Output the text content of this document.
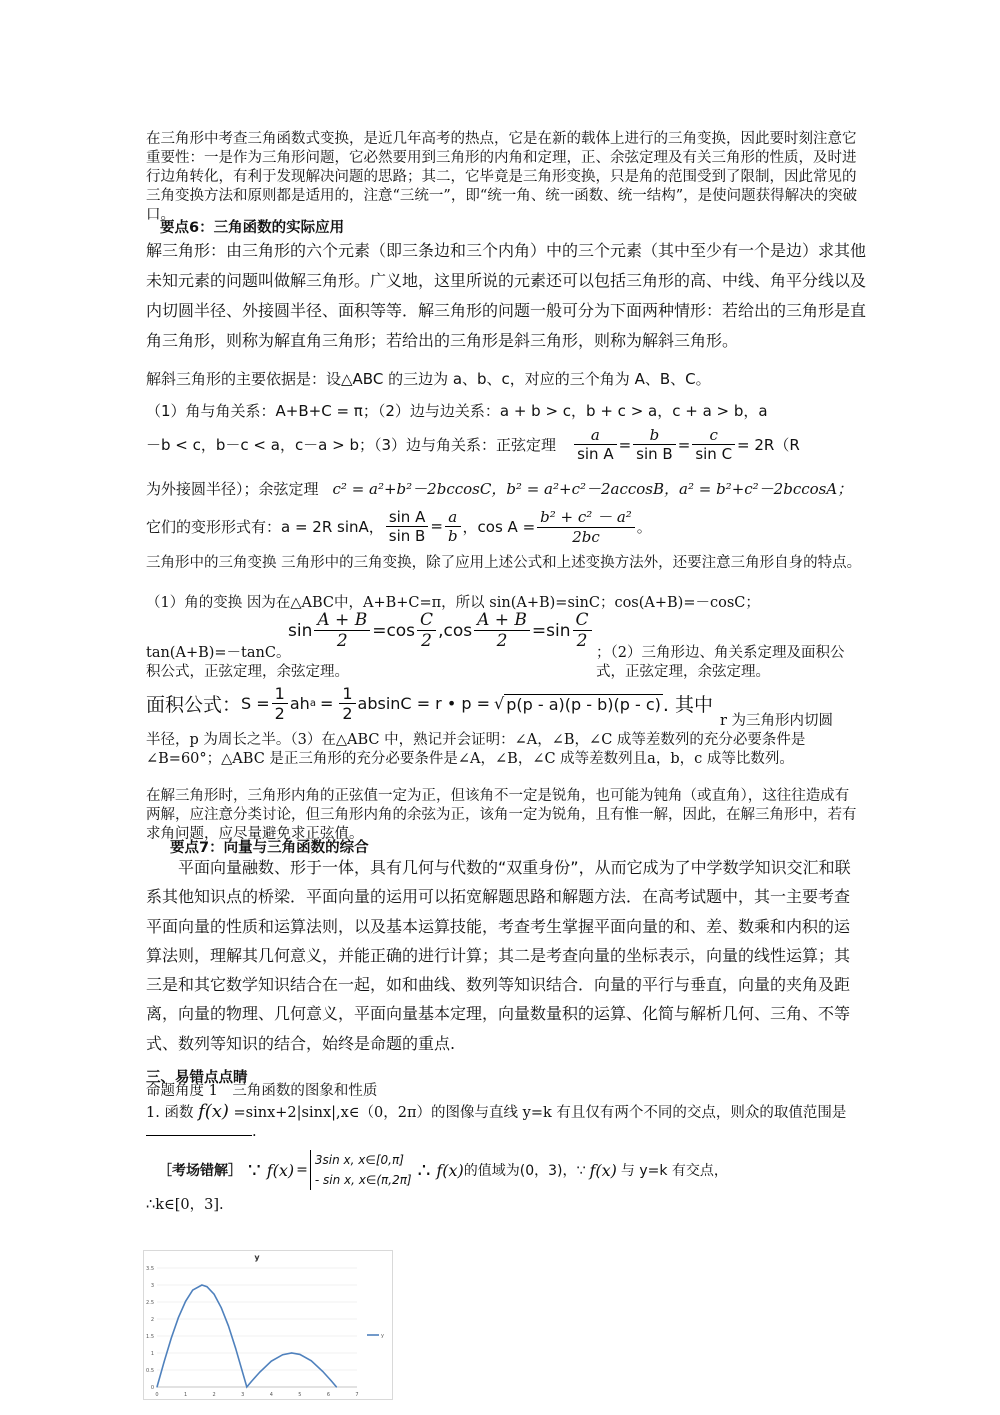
在三角形中考查三角函数式变换，是近几年高考的热点，它是在新的载体上进行的三角变换，因此要时刻注意它重要性：一是作为三角形问题，它必然要用到三角形的内角和定理，正、余弦定理及有关三角形的性质，及时进行边角转化，有利于发现解决问题的思路；其二，它毕竟是三角形变换，只是角的范围受到了限制，因此常见的三角变换方法和原则都是适用的，注意“三统一”，即“统一角、统一函数、统一结构”，是使问题获得解决的突破口。
要点6：三角函数的实际应用
解三角形：由三角形的六个元素（即三条边和三个内角）中的三个元素（其中至少有一个是边）求其他未知元素的问题叫做解三角形。广义地，这里所说的元素还可以包括三角形的高、中线、角平分线以及内切圆半径、外接圆半径、面积等等．解三角形的问题一般可分为下面两种情形：若给出的三角形是直角三角形，则称为解直角三角形；若给出的三角形是斜三角形，则称为解斜三角形。
解斜三角形的主要依据是：设△ABC 的三边为 a、b、c，对应的三个角为 A、B、C。
（1）角与角关系：A+B+C = π；（2）边与边关系：a + b > c，b + c > a，c + a > b，a
－b < c，b－c < a，c－a > b；（3）边与角关系：正弦定理 $\frac{a}{\text{sin A}} = \frac{b}{\text{sin B}} = \frac{c}{\text{sin C}} = 2R(R$
为外接圆半径）；余弦定理 c² = a²+b²－2bccosC，b² = a²+c²－2accosB，a² = b²+c²－2bccosA；
它们的变形形式有：a = 2R sinA， $\frac{\text{sin A}}{\text{sin B}} = \frac{a}{b}$ ，$\cos A = \frac{\text{b² + c² － a²}}{2bc}$ 。
三角形中的三角变换 三角形中的三角变换，除了应用上述公式和上述变换方法外，还要注意三角形自身的特点。
（1）角的变换 因为在△ABC中，A+B+C=π，所以 sin(A+B)=sinC；cos(A+B)=－cosC；
$\sin \frac{A + B}{2} = \cos \frac{C}{2}$ , $\cos \frac{A + B}{2} = \sin \frac{C}{2}$
tan(A+B)=－tanC。	；（2）三角形边、角关系定理及面积公式，正弦定理，余弦定理。
积公式，正弦定理，余弦定理。
面积公式： $S = \frac{1}{2}$ ah $a = \frac{1}{2}$ absinC = r • p = √ p(p - a)(p - b)(p - c) . 其中
r 为三角形内切圆
半径，p 为周长之半。（3）在△ABC 中，熟记并会证明：∠A，∠B，∠C 成等差数列的充分必要条件是∠B=60°；△ABC 是正三角形的充分必要条件是∠A，∠B，∠C 成等差数列且a，b，c 成等比数列。
在解三角形时，三角形内角的正弦值一定为正，但该角不一定是锐角，也可能为钝角（或直角），这往往造成有两解，应注意分类讨论，但三角形内角的余弦为正，该角一定为锐角，且有惟一解，因此，在解三角形中，若有求角问题，应尽量避免求正弦值。
要点7：向量与三角函数的综合
平面向量融数、形于一体，具有几何与代数的“双重身份”，从而它成为了中学数学知识交汇和联系其他知识点的桥梁．平面向量的运用可以拓宽解题思路和解题方法．在高考试题中，其一主要考查平面向量的性质和运算法则，以及基本运算技能，考查考生掌握平面向量的和、差、数乘和内积的运算法则，理解其几何意义，并能正确的进行计算；其二是考查向量的坐标表示，向量的线性运算；其三是和其它数学知识结合在一起，如和曲线、数列等知识结合．向量的平行与垂直，向量的夹角及距离，向量的物理、几何意义，平面向量基本定理，向量数量积的运算、化简与解析几何、三角、不等式、数列等知识的结合，始终是命题的重点.
三、易错点点睛
命题角度 1　三角函数的图象和性质
1. 函数 f(x) =sinx+2|sinx|,x∈（0，2π）的图像与直线 y=k 有且仅有两个不同的交点，则众的取值范围是 .
［考场错解］ ∵ f(x) =
3sin x, x∈[0,π]
- sin x, x∈(π,2π] ∴ f(x) 的值域为(0，3)，∵ f(x) 与 y=k 有交点，
∴k∈[0，3].
0
0.5
1
1.5
2
2.5
3
3.5
0	1	2	3	4	5	6	7
y
y
